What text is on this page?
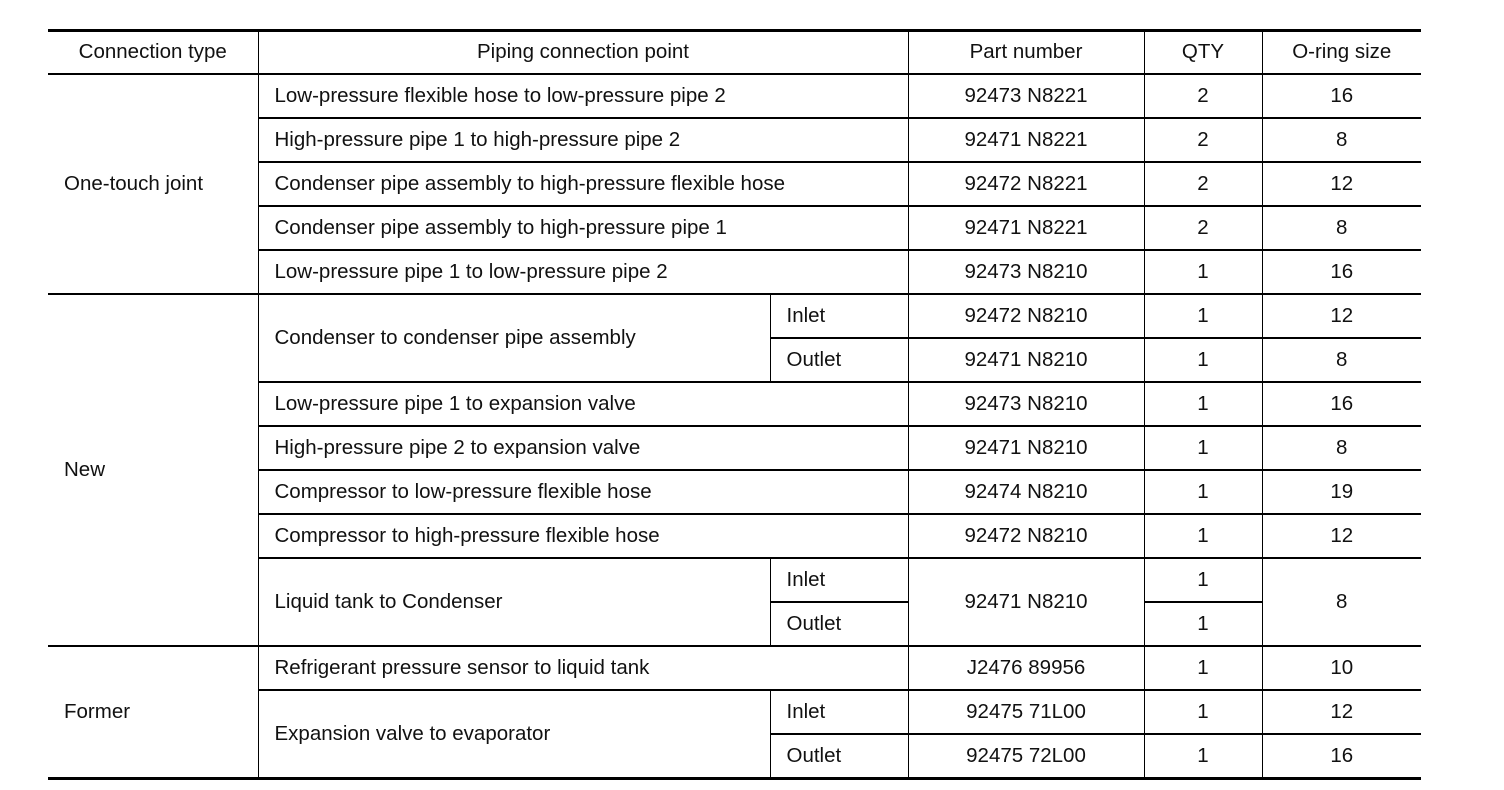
Connection type	Piping connection point		Part number	QTY	O-ring size
One-touch joint	Low-pressure flexible hose to low-pressure pipe 2		92473 N8221	2	16
	High-pressure pipe 1 to high-pressure pipe 2		92471 N8221	2	8
	Condenser pipe assembly to high-pressure flexible hose		92472 N8221	2	12
	Condenser pipe assembly to high-pressure pipe 1		92471 N8221	2	8
	Low-pressure pipe 1 to low-pressure pipe 2		92473 N8210	1	16
New	Condenser to condenser pipe assembly	Inlet	92472 N8210	1	12
		Outlet	92471 N8210	1	8
	Low-pressure pipe 1 to expansion valve		92473 N8210	1	16
	High-pressure pipe 2 to expansion valve		92471 N8210	1	8
	Compressor to low-pressure flexible hose		92474 N8210	1	19
	Compressor to high-pressure flexible hose		92472 N8210	1	12
	Liquid tank to Condenser	Inlet	92471 N8210	1	8
		Outlet		1	
Former	Refrigerant pressure sensor to liquid tank		J2476 89956	1	10
	Expansion valve to evaporator	Inlet	92475 71L00	1	12
		Outlet	92475 72L00	1	16
